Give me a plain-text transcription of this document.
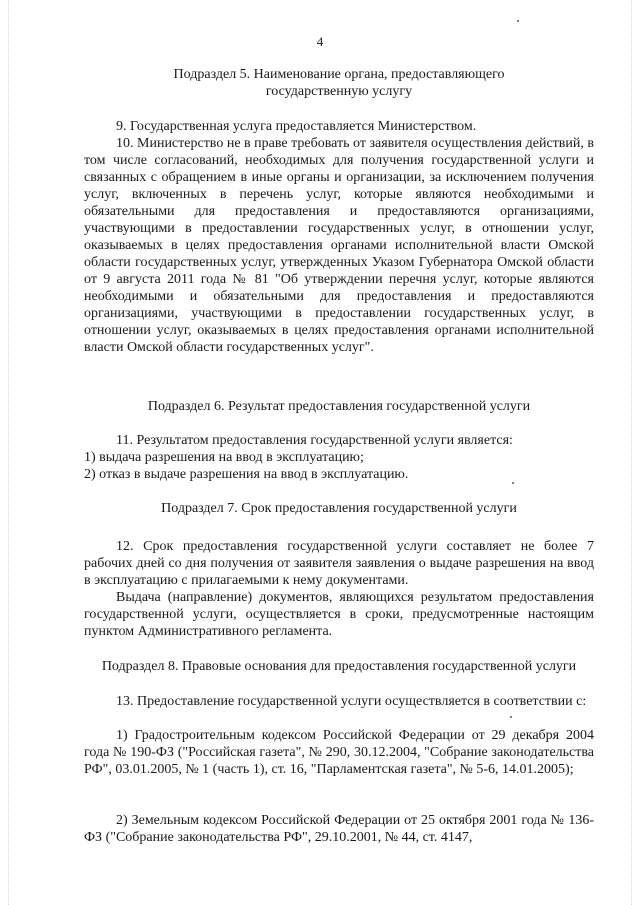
4
Подраздел 5. Наименование органа, предоставляющего
государственную услугу

9. Государственная услуга предоставляется Министерством.

10. Министерство не в праве требовать от заявителя осуществления действий, в том числе согласований, необходимых для получения государственной услуги и связанных с обращением в иные органы и организации, за исключением получения услуг, включенных в перечень услуг, которые являются необходимыми и обязательными для предоставления и предоставляются организациями, участвующими в предоставлении государственных услуг, в отношении услуг, оказываемых в целях предоставления органами исполнительной власти Омской области государственных услуг, утвержденных Указом Губернатора Омской области от 9 августа 2011 года № 81 "Об утверждении перечня услуг, которые являются необходимыми и обязательными для предоставления и предоставляются организациями, участвующими в предоставлении государственных услуг, в отношении услуг, оказываемых в целях предоставления органами исполнительной власти Омской области государственных услуг".

Подраздел 6. Результат предоставления государственной услуги

11. Результатом предоставления государственной услуги является:

1) выдача разрешения на ввод в эксплуатацию;

2) отказ в выдаче разрешения на ввод в эксплуатацию.

Подраздел 7. Срок предоставления государственной услуги

12. Срок предоставления государственной услуги составляет не более 7 рабочих дней со дня получения от заявителя заявления о выдаче разрешения на ввод в эксплуатацию с прилагаемыми к нему документами.

Выдача (направление) документов, являющихся результатом предоставления государственной услуги, осуществляется в сроки, предусмотренные настоящим пунктом Административного регламента.

Подраздел 8. Правовые основания для предоставления государственной услуги

13. Предоставление государственной услуги осуществляется в соответствии с:

1) Градостроительным кодексом Российской Федерации от 29 декабря 2004 года № 190-ФЗ ("Российская газета", № 290, 30.12.2004, "Собрание законодательства РФ", 03.01.2005, № 1 (часть 1), ст. 16, "Парламентская газета", № 5-6, 14.01.2005);

2) Земельным кодексом Российской Федерации от 25 октября 2001 года № 136-ФЗ ("Собрание законодательства РФ", 29.10.2001, № 44, ст. 4147,
